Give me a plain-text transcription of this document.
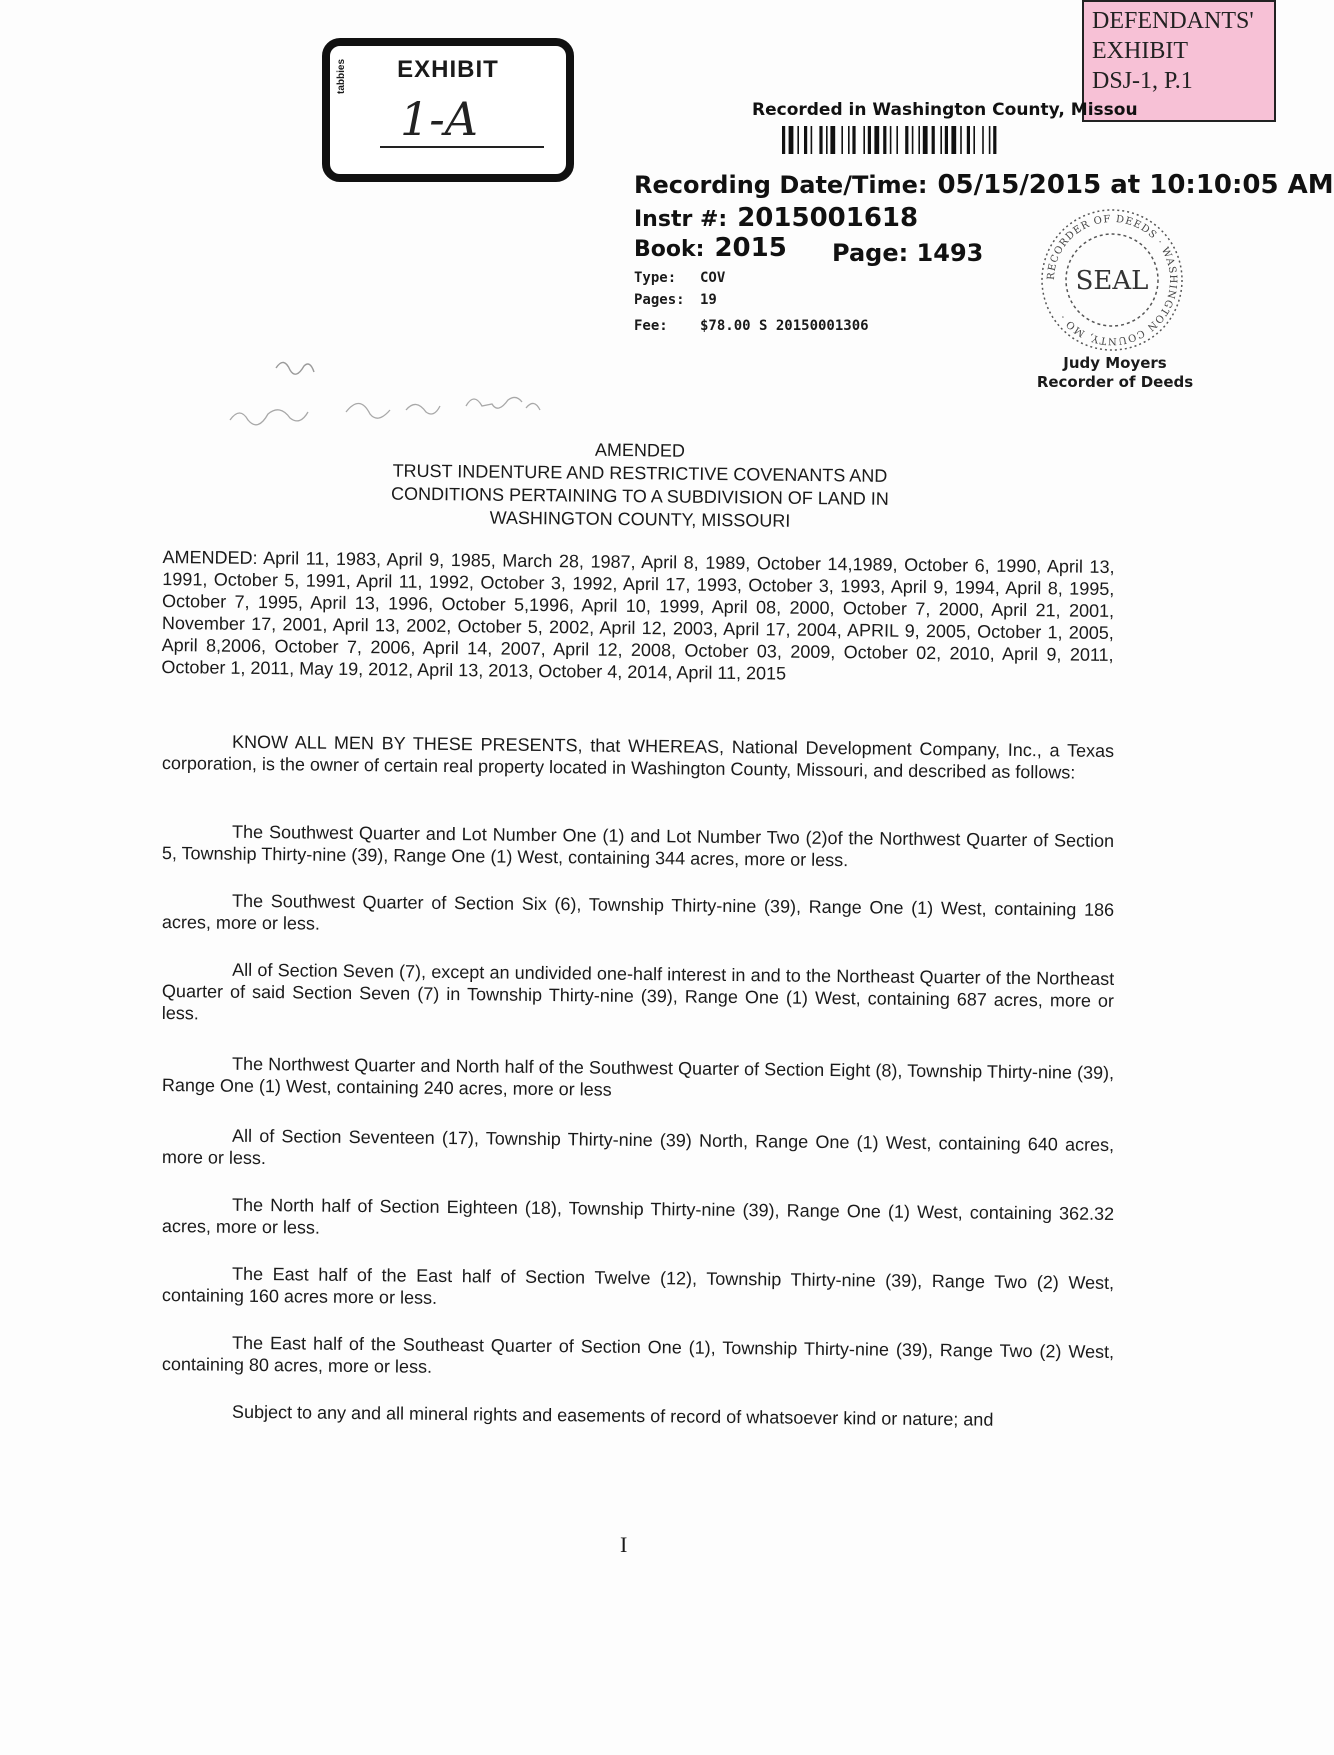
DEFENDANTS'
EXHIBIT
DSJ-1, P.1
tabbies	EXHIBIT
1-A	Recorded in Washington County, Missou
Recording Date/Time: 05/15/2015 at 10:10:05 AM
Instr #: 2015001618
Book: 2015 Page: 1493
Type: COV
Pages: 19
Fee: $78.00 S 20150001306
RECORDER OF DEEDS · WASHINGTON COUNTY, MO ·
SEAL
Judy Moyers
Recorder of Deeds
AMENDED
TRUST INDENTURE AND RESTRICTIVE COVENANTS AND
CONDITIONS PERTAINING TO A SUBDIVISION OF LAND IN
WASHINGTON COUNTY, MISSOURI
AMENDED: April 11, 1983, April 9, 1985, March 28, 1987, April 8, 1989, October 14,1989, October 6, 1990, April 13, 1991, October 5, 1991, April 11, 1992, October 3, 1992, April 17, 1993, October 3, 1993, April 9, 1994, April 8, 1995, October 7, 1995, April 13, 1996, October 5,1996, April 10, 1999, April 08, 2000, October 7, 2000, April 21, 2001, November 17, 2001, April 13, 2002, October 5, 2002, April 12, 2003, April 17, 2004, APRIL 9, 2005, October 1, 2005, April 8,2006, October 7, 2006, April 14, 2007, April 12, 2008, October 03, 2009, October 02, 2010, April 9, 2011, October 1, 2011, May 19, 2012, April 13, 2013, October 4, 2014, April 11, 2015
KNOW ALL MEN BY THESE PRESENTS, that WHEREAS, National Development Company, Inc., a Texas corporation, is the owner of certain real property located in Washington County, Missouri, and described as follows:
The Southwest Quarter and Lot Number One (1) and Lot Number Two (2)of the Northwest Quarter of Section 5, Township Thirty-nine (39), Range One (1) West, containing 344 acres, more or less.
The Southwest Quarter of Section Six (6), Township Thirty-nine (39), Range One (1) West, containing 186 acres, more or less.
All of Section Seven (7), except an undivided one-half interest in and to the Northeast Quarter of the Northeast Quarter of said Section Seven (7) in Township Thirty-nine (39), Range One (1) West, containing 687 acres, more or less.
The Northwest Quarter and North half of the Southwest Quarter of Section Eight (8), Township Thirty-nine (39), Range One (1) West, containing 240 acres, more or less
All of Section Seventeen (17), Township Thirty-nine (39) North, Range One (1) West, containing 640 acres, more or less.
The North half of Section Eighteen (18), Township Thirty-nine (39), Range One (1) West, containing 362.32 acres, more or less.
The East half of the East half of Section Twelve (12), Township Thirty-nine (39), Range Two (2) West, containing 160 acres more or less.
The East half of the Southeast Quarter of Section One (1), Township Thirty-nine (39), Range Two (2) West, containing 80 acres, more or less.
Subject to any and all mineral rights and easements of record of whatsoever kind or nature; and
I
